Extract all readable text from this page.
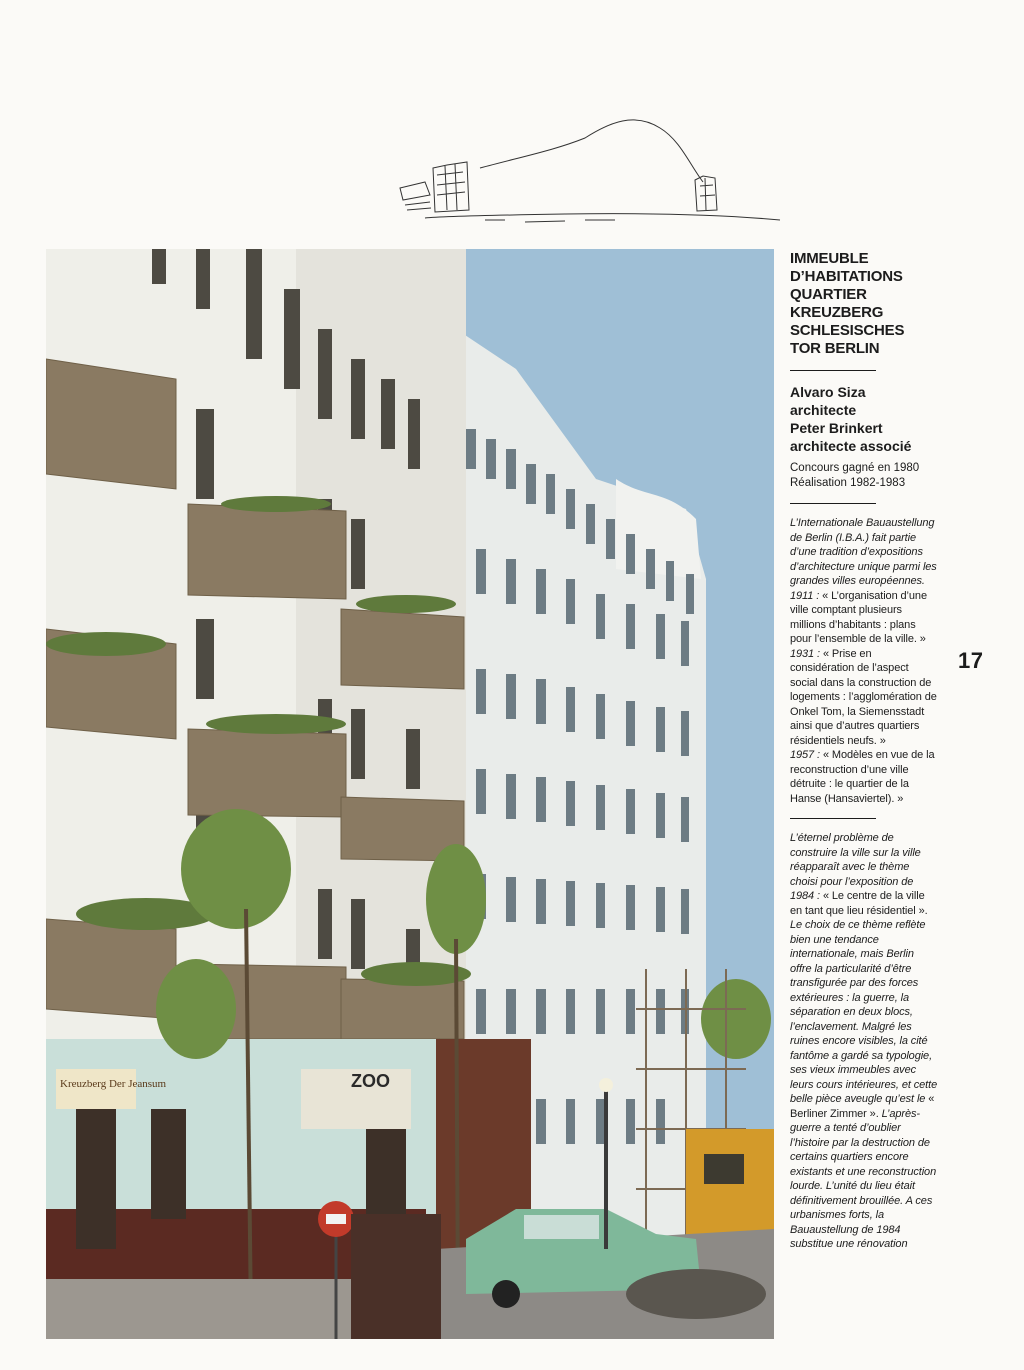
Kreuzberg Der Jeansum	ZOO
IMMEUBLE D’HABITATIONS QUARTIER KREUZBERG SCHLESISCHES TOR BERLIN

Alvaro Siza

architecte

Peter Brinkert

architecte associé

Concours gagné en 1980

Réalisation 1982-1983

L’Internationale Bauaustellung de Berlin (I.B.A.) fait partie d’une tradition d’expositions d’architecture unique parmi les grandes villes européennes.
1911 : « L’organisation d’une ville comptant plusieurs millions d’habitants : plans pour l’ensemble de la ville. »
1931 : « Prise en considération de l’aspect social dans la construction de logements : l’agglomération de Onkel Tom, la Siemensstadt ainsi que d’autres quartiers résidentiels neufs. »
1957 : « Modèles en vue de la reconstruction d’une ville détruite : le quartier de la Hanse (Hansaviertel). »

L’éternel problème de construire la ville sur la ville réapparaît avec le thème choisi pour l’exposition de 1984 : « Le centre de la ville en tant que lieu résidentiel ». Le choix de ce thème reflète bien une tendance internationale, mais Berlin offre la particularité d’être transfigurée par des forces extérieures : la guerre, la séparation en deux blocs, l’enclavement. Malgré les ruines encore visibles, la cité fantôme a gardé sa typologie, ses vieux immeubles avec leurs cours intérieures, et cette belle pièce aveugle qu’est le « Berliner Zimmer ». L’après-guerre a tenté d’oublier l’histoire par la destruction de certains quartiers encore existants et une reconstruction lourde. L’unité du lieu était définitivement brouillée. A ces urbanismes forts, la Bauaustellung de 1984 substitue une rénovation

17
